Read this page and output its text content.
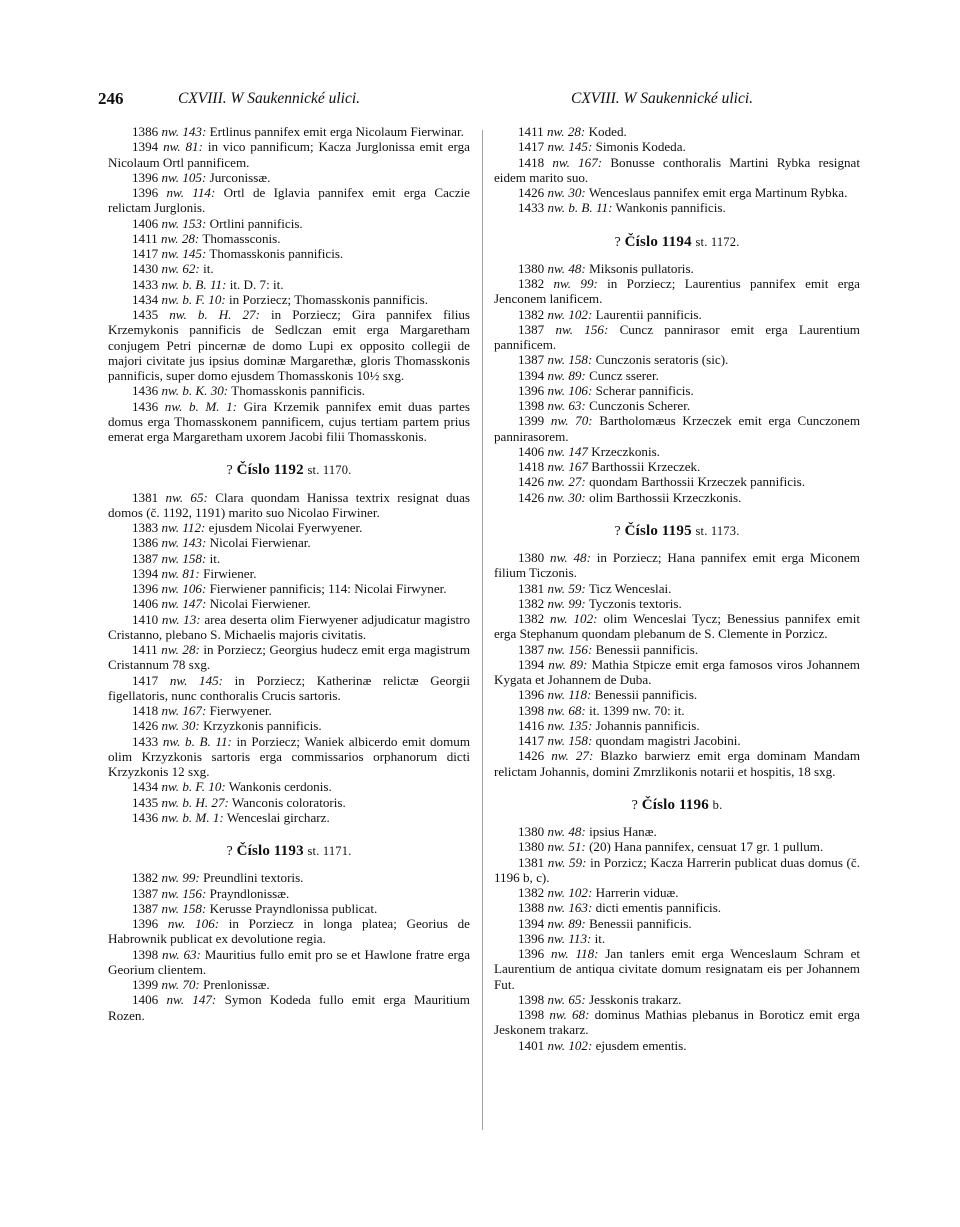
246	CXVIII. W Saukennické ulici.	CXVIII. W Saukennické ulici.

1386 nw. 143: Ertlinus pannifex emit erga Nicolaum Fierwinar.

1394 nw. 81: in vico pannificum; Kacza Jurglonissa emit erga Nicolaum Ortl pannificem.

1396 nw. 105: Jurconissæ.

1396 nw. 114: Ortl de Iglavia pannifex emit erga Caczie relictam Jurglonis.

1406 nw. 153: Ortlini pannificis.

1411 nw. 28: Thomassconis.

1417 nw. 145: Thomasskonis pannificis.

1430 nw. 62: it.

1433 nw. b. B. 11: it. D. 7: it.

1434 nw. b. F. 10: in Porziecz; Thomasskonis pannificis.

1435 nw. b. H. 27: in Porziecz; Gira pannifex filius Krzemykonis pannificis de Sedlczan emit erga Margaretham conjugem Petri pincernæ de domo Lupi ex opposito collegii de majori civitate jus ipsius dominæ Margarethæ, gloris Thomasskonis pannificis, super domo ejusdem Thomasskonis 10½ sxg.

1436 nw. b. K. 30: Thomasskonis pannificis.

1436 nw. b. M. 1: Gira Krzemik pannifex emit duas partes domus erga Thomasskonem pannificem, cujus tertiam partem prius emerat erga Margaretham uxorem Jacobi filii Thomasskonis.

? Číslo 1192 st. 1170.

1381 nw. 65: Clara quondam Hanissa textrix resignat duas domos (č. 1192, 1191) marito suo Nicolao Firwiner.

1383 nw. 112: ejusdem Nicolai Fyerwyener.

1386 nw. 143: Nicolai Fierwienar.

1387 nw. 158: it.

1394 nw. 81: Firwiener.

1396 nw. 106: Fierwiener pannificis; 114: Nicolai Firwyner.

1406 nw. 147: Nicolai Fierwiener.

1410 nw. 13: area deserta olim Fierwyener adjudicatur magistro Cristanno, plebano S. Michaelis majoris civitatis.

1411 nw. 28: in Porziecz; Georgius hudecz emit erga magistrum Cristannum 78 sxg.

1417 nw. 145: in Porziecz; Katherinæ relictæ Georgii figellatoris, nunc conthoralis Crucis sartoris.

1418 nw. 167: Fierwyener.

1426 nw. 30: Krzyzkonis pannificis.

1433 nw. b. B. 11: in Porziecz; Waniek albicerdo emit domum olim Krzyzkonis sartoris erga commissarios orphanorum dicti Krzyzkonis 12 sxg.

1434 nw. b. F. 10: Wankonis cerdonis.

1435 nw. b. H. 27: Wanconis coloratoris.

1436 nw. b. M. 1: Wenceslai gircharz.

? Číslo 1193 st. 1171.

1382 nw. 99: Preundlini textoris.

1387 nw. 156: Prayndlonissæ.

1387 nw. 158: Kerusse Prayndlonissa publicat.

1396 nw. 106: in Porziecz in longa platea; Georius de Habrownik publicat ex devolutione regia.

1398 nw. 63: Mauritius fullo emit pro se et Hawlone fratre erga Georium clientem.

1399 nw. 70: Prenlonissæ.

1406 nw. 147: Symon Kodeda fullo emit erga Mauritium Rozen.

1411 nw. 28: Koded.

1417 nw. 145: Simonis Kodeda.

1418 nw. 167: Bonusse conthoralis Martini Rybka resignat eidem marito suo.

1426 nw. 30: Wenceslaus pannifex emit erga Martinum Rybka.

1433 nw. b. B. 11: Wankonis pannificis.

? Číslo 1194 st. 1172.

1380 nw. 48: Miksonis pullatoris.

1382 nw. 99: in Porziecz; Laurentius pannifex emit erga Jenconem lanificem.

1382 nw. 102: Laurentii pannificis.

1387 nw. 156: Cuncz pannirasor emit erga Laurentium pannificem.

1387 nw. 158: Cunczonis seratoris (sic).

1394 nw. 89: Cuncz sserer.

1396 nw. 106: Scherar pannificis.

1398 nw. 63: Cunczonis Scherer.

1399 nw. 70: Bartholomæus Krzeczek emit erga Cunczonem pannirasorem.

1406 nw. 147 Krzeczkonis.

1418 nw. 167 Barthossii Krzeczek.

1426 nw. 27: quondam Barthossii Krzeczek pannificis.

1426 nw. 30: olim Barthossii Krzeczkonis.

? Číslo 1195 st. 1173.

1380 nw. 48: in Porziecz; Hana pannifex emit erga Miconem filium Ticzonis.

1381 nw. 59: Ticz Wenceslai.

1382 nw. 99: Tyczonis textoris.

1382 nw. 102: olim Wenceslai Tycz; Benessius pannifex emit erga Stephanum quondam plebanum de S. Clemente in Porzicz.

1387 nw. 156: Benessii pannificis.

1394 nw. 89: Mathia Stpicze emit erga famosos viros Johannem Kygata et Johannem de Duba.

1396 nw. 118: Benessii pannificis.

1398 nw. 68: it. 1399 nw. 70: it.

1416 nw. 135: Johannis pannificis.

1417 nw. 158: quondam magistri Jacobini.

1426 nw. 27: Blazko barwierz emit erga dominam Mandam relictam Johannis, domini Zmrzlikonis notarii et hospitis, 18 sxg.

? Číslo 1196 b.

1380 nw. 48: ipsius Hanæ.

1380 nw. 51: (20) Hana pannifex, censuat 17 gr. 1 pullum.

1381 nw. 59: in Porzicz; Kacza Harrerin publicat duas domus (č. 1196 b, c).

1382 nw. 102: Harrerin viduæ.

1388 nw. 163: dicti ementis pannificis.

1394 nw. 89: Benessii pannificis.

1396 nw. 113: it.

1396 nw. 118: Jan tanlers emit erga Wenceslaum Schram et Laurentium de antiqua civitate domum resignatam eis per Johannem Fut.

1398 nw. 65: Jesskonis trakarz.

1398 nw. 68: dominus Mathias plebanus in Boroticz emit erga Jeskonem trakarz.

1401 nw. 102: ejusdem ementis.
